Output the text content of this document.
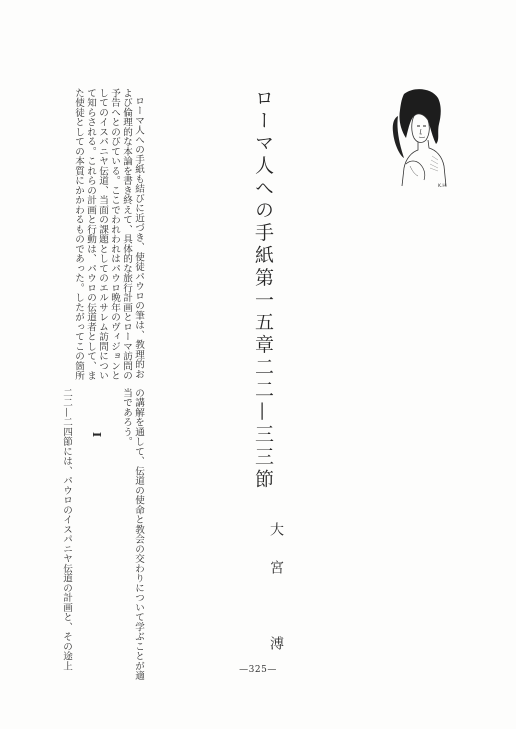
K.H.
ローマ人への手紙第一五章二二—三三節
ローマ人への手紙も結びに近づき、使徒パウロの筆は、教理的お
よび倫理的な本論を書き終えて、具体的な旅行計画とローマ訪問の
予告へとのびている。ここでわれわれはパウロ晩年のヴィジョンと
してのイスパニヤ伝道、当面の課題としてのエルサレム訪問につい
て知らされる。これらの計画と行動は、パウロの伝道者として、ま
た使徒としての本質にかかわるものであった。したがってこの箇所
の講解を通して、伝道の使命と教会の交わりについて学ぶことが適
当であろう。
I
二二—二四節には、パウロのイスパニヤ伝道の計画と、その途上	大宮　溥
—325—
